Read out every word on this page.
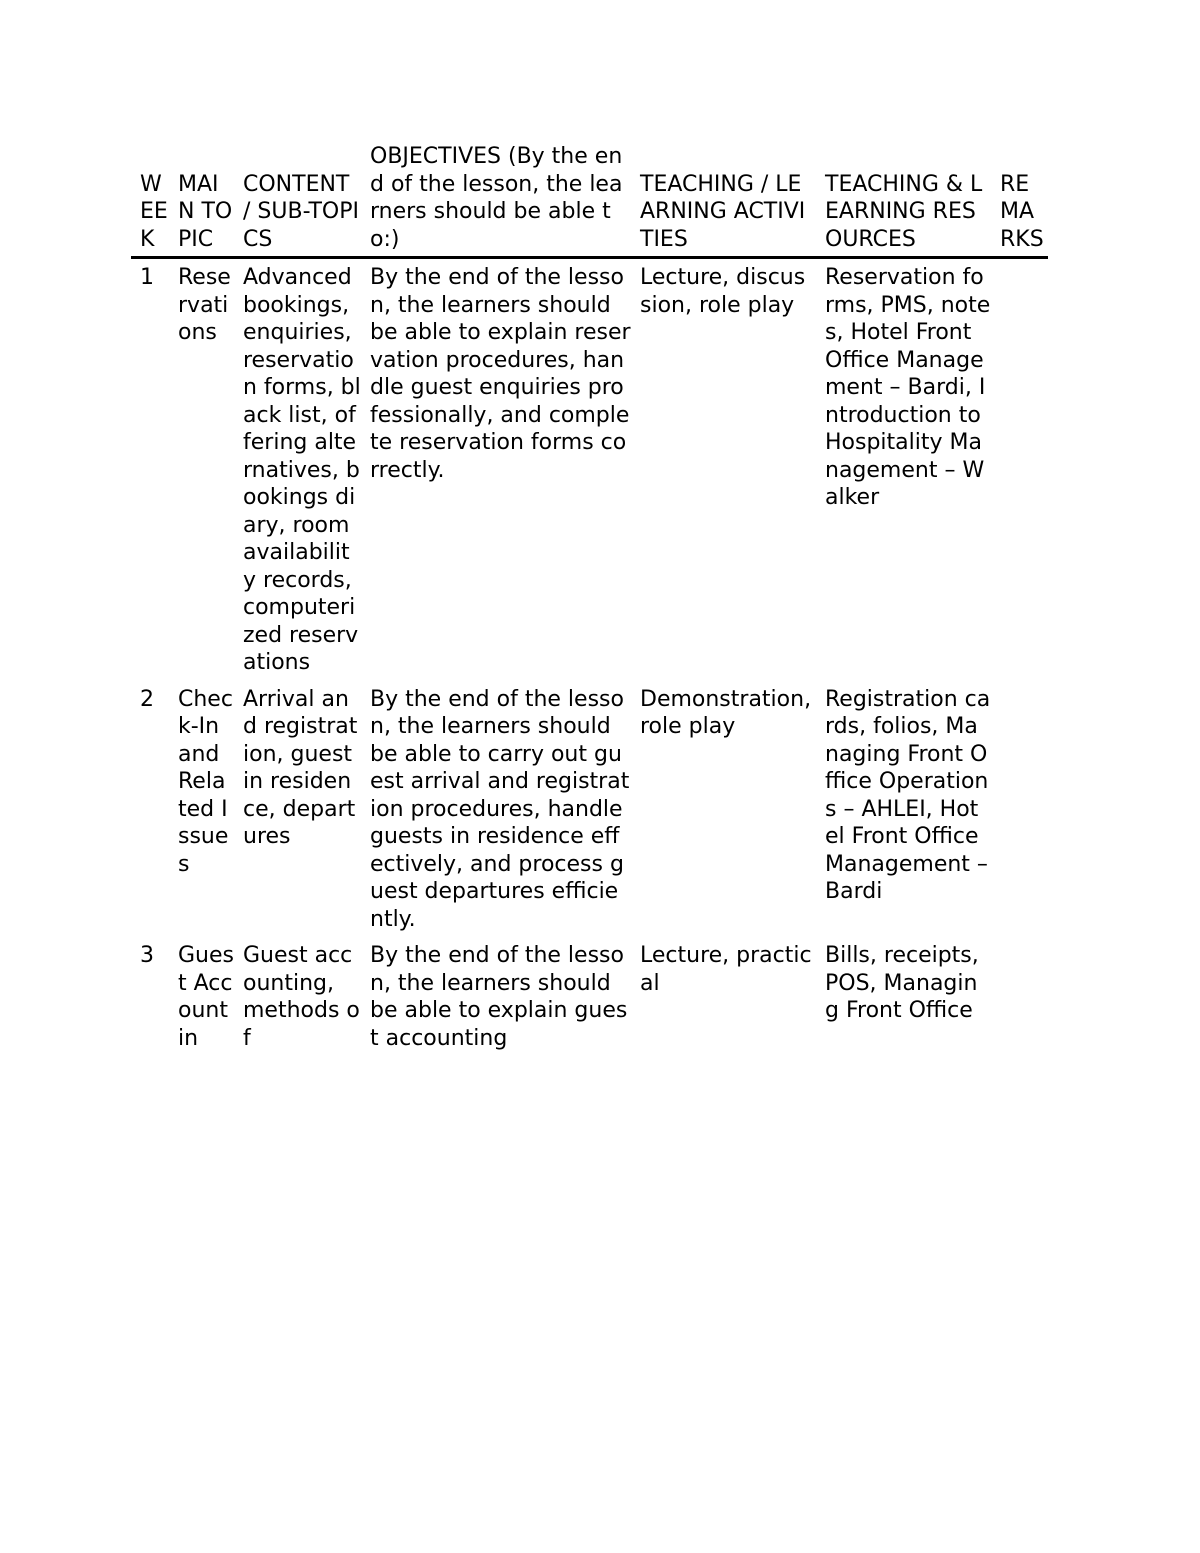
WEEK	MAIN TOPIC	CONTENT / SUB-TOPICS	OBJECTIVES (By the end of the lesson, the learners should be able to:)	TEACHING / LEARNING ACTIVITIES	TEACHING & LEARNING RESOURCES	REMARKS
1	Reservations	Advanced bookings, enquiries, reservation forms, black list, offering alternatives, bookings diary, room availability records, computerized reservations	By the end of the lesson, the learners should be able to explain reservation procedures, handle guest enquiries professionally, and complete reservation forms correctly.	Lecture, discussion, role play	Reservation forms, PMS, notes, Hotel Front Office Management – Bardi, Introduction to Hospitality Management – Walker	
2	Check-In and Related Issues	Arrival and registration, guest in residence, departures	By the end of the lesson, the learners should be able to carry out guest arrival and registration procedures, handle guests in residence effectively, and process guest departures efficiently.	Demonstration, role play	Registration cards, folios, Managing Front Office Operations – AHLEI, Hotel Front Office Management – Bardi	
3	Guest Accountin	Guest accounting, methods of	By the end of the lesson, the learners should be able to explain guest accounting	Lecture, practical	Bills, receipts, POS, Managing Front Office	
